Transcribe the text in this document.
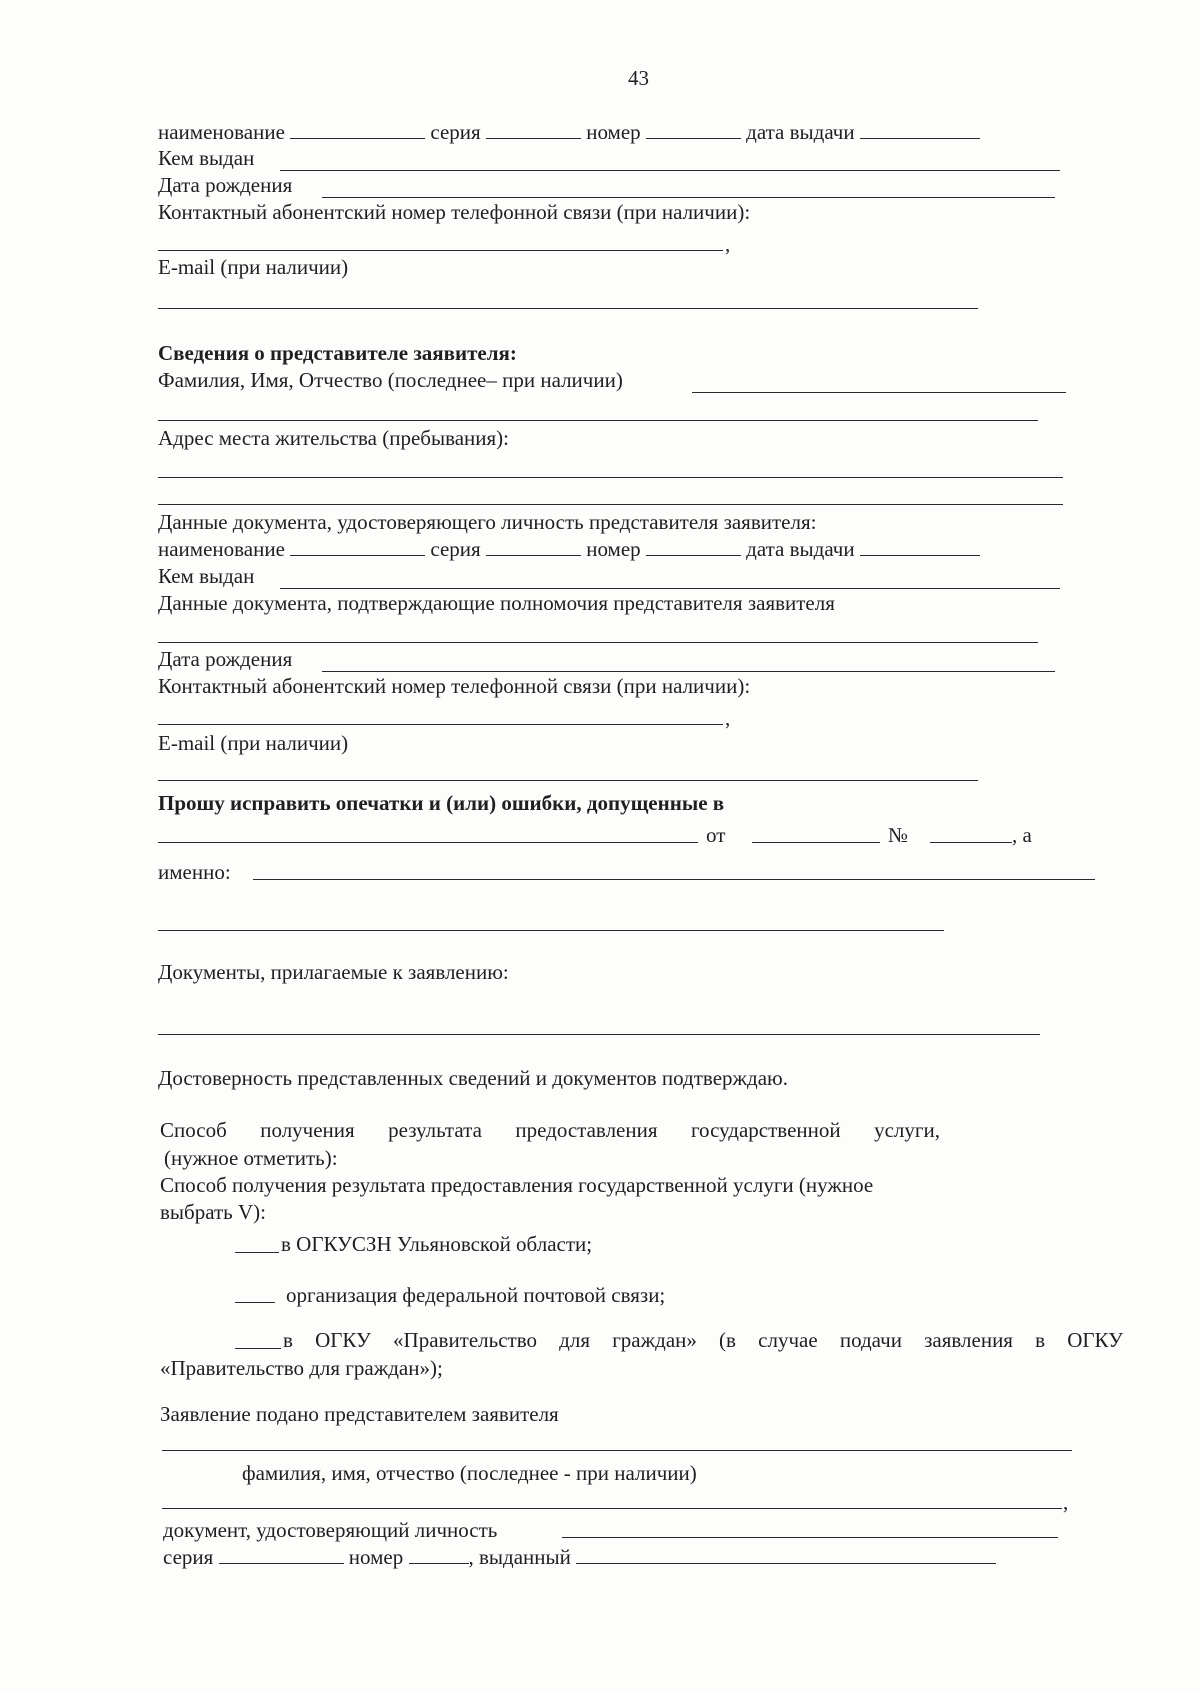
43
наименование	серия	номер	дата выдачи
Кем выдан
Дата рождения
Контактный абонентский номер телефонной связи (при наличии):
,
E-mail (при наличии)
Сведения о представителе заявителя:
Фамилия, Имя, Отчество (последнее– при наличии)
Адрес места жительства (пребывания):
Данные документа, удостоверяющего личность представителя заявителя:
наименование	серия	номер	дата выдачи
Кем выдан
Данные документа, подтверждающие полномочия представителя заявителя
Дата рождения
Контактный абонентский номер телефонной связи (при наличии):
,
E-mail (при наличии)
Прошу исправить опечатки и (или) ошибки, допущенные в
от	№	, а
именно:
Документы, прилагаемые к заявлению:
Достоверность представленных сведений и документов подтверждаю.
Способ получения результата предоставления государственной услуги,
(нужное отметить):
Способ получения результата предоставления государственной услуги (нужное
выбрать V):
в ОГКУСЗН Ульяновской области;
организация федеральной почтовой связи;
в ОГКУ «Правительство для граждан» (в случае подачи заявления в ОГКУ
«Правительство для граждан»);
Заявление подано представителем заявителя
фамилия, имя, отчество (последнее - при наличии)
,
документ, удостоверяющий личность
серия	номер	, выданный
